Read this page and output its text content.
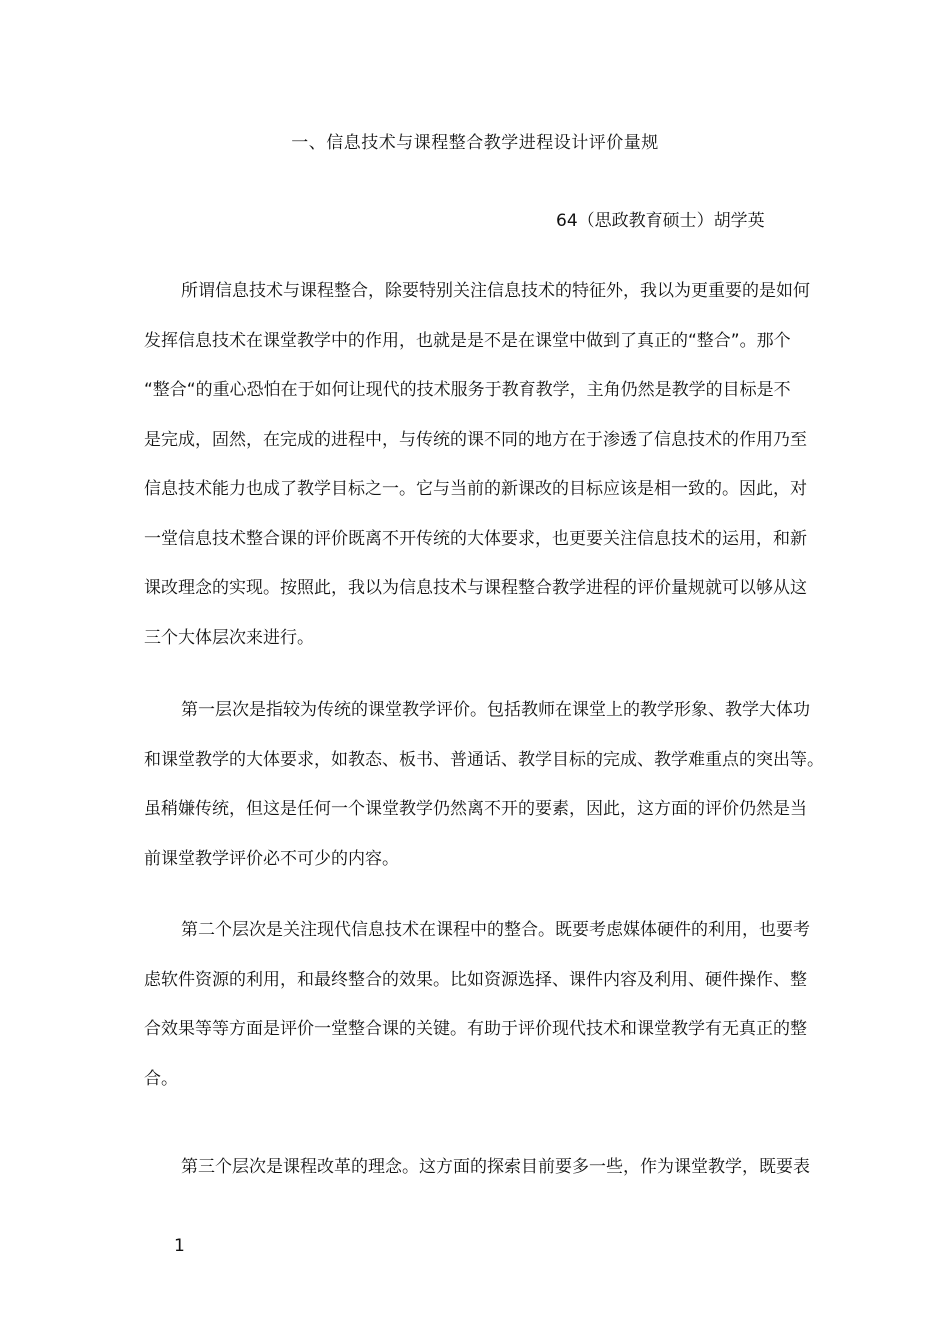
一、信息技术与课程整合教学进程设计评价量规
64（思政教育硕士）胡学英
所谓信息技术与课程整合，除要特别关注信息技术的特征外，我以为更重要的是如何
发挥信息技术在课堂教学中的作用，也就是是不是在课堂中做到了真正的“整合”。那个
“整合“的重心恐怕在于如何让现代的技术服务于教育教学，主角仍然是教学的目标是不
是完成，固然，在完成的进程中，与传统的课不同的地方在于渗透了信息技术的作用乃至
信息技术能力也成了教学目标之一。它与当前的新课改的目标应该是相一致的。因此，对
一堂信息技术整合课的评价既离不开传统的大体要求，也更要关注信息技术的运用，和新
课改理念的实现。按照此，我以为信息技术与课程整合教学进程的评价量规就可以够从这
三个大体层次来进行。
第一层次是指较为传统的课堂教学评价。包括教师在课堂上的教学形象、教学大体功
和课堂教学的大体要求，如教态、板书、普通话、教学目标的完成、教学难重点的突出等。
虽稍嫌传统，但这是任何一个课堂教学仍然离不开的要素，因此，这方面的评价仍然是当
前课堂教学评价必不可少的内容。
第二个层次是关注现代信息技术在课程中的整合。既要考虑媒体硬件的利用，也要考
虑软件资源的利用，和最终整合的效果。比如资源选择、课件内容及利用、硬件操作、整
合效果等等方面是评价一堂整合课的关键。有助于评价现代技术和课堂教学有无真正的整
合。
第三个层次是课程改革的理念。这方面的探索目前要多一些，作为课堂教学，既要表
1
